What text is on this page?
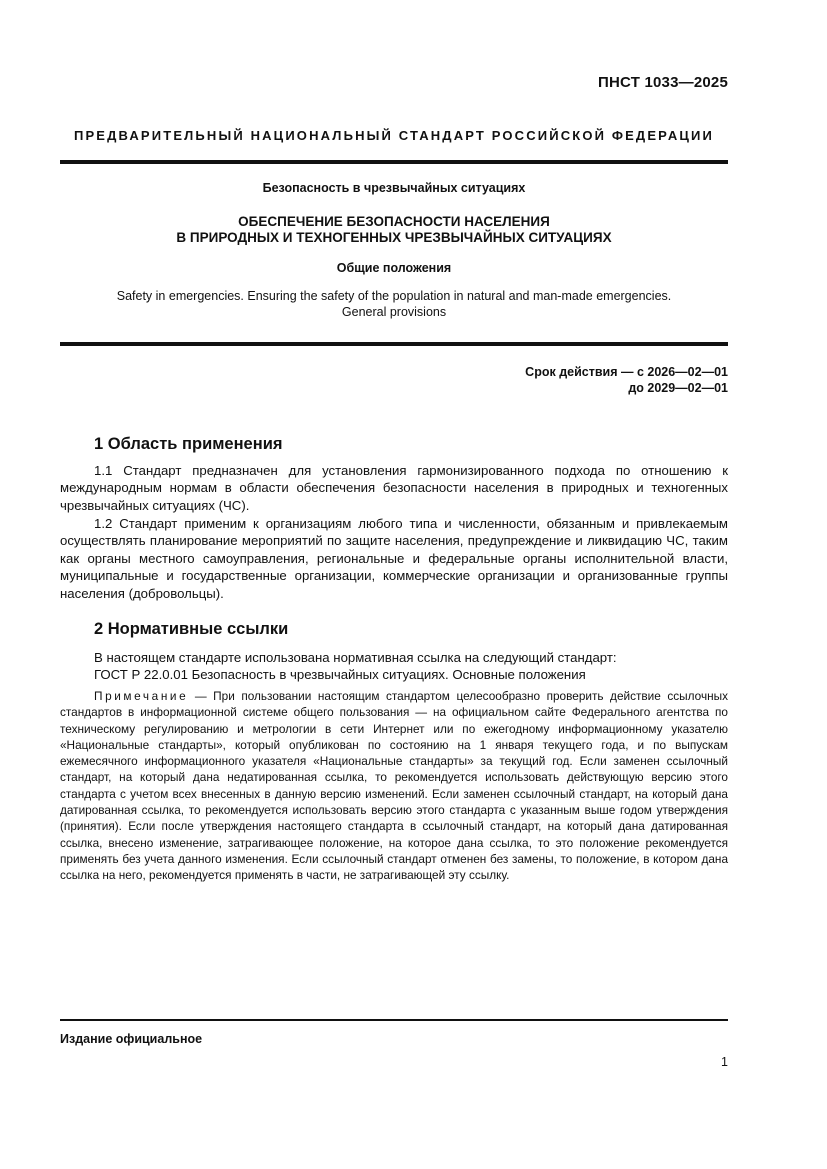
ПНСТ 1033—2025
ПРЕДВАРИТЕЛЬНЫЙ НАЦИОНАЛЬНЫЙ СТАНДАРТ РОССИЙСКОЙ ФЕДЕРАЦИИ
Безопасность в чрезвычайных ситуациях
ОБЕСПЕЧЕНИЕ БЕЗОПАСНОСТИ НАСЕЛЕНИЯ
В ПРИРОДНЫХ И ТЕХНОГЕННЫХ ЧРЕЗВЫЧАЙНЫХ СИТУАЦИЯХ
Общие положения
Safety in emergencies. Ensuring the safety of the population in natural and man-made emergencies.
General provisions
Срок действия — с 2026—02—01
до 2029—02—01
1 Область применения
1.1 Стандарт предназначен для установления гармонизированного подхода по отношению к международным нормам в области обеспечения безопасности населения в природных и техногенных чрезвычайных ситуациях (ЧС).
1.2 Стандарт применим к организациям любого типа и численности, обязанным и привлекаемым осуществлять планирование мероприятий по защите населения, предупреждение и ликвидацию ЧС, таким как органы местного самоуправления, региональные и федеральные органы исполнительной власти, муниципальные и государственные организации, коммерческие организации и организованные группы населения (добровольцы).
2 Нормативные ссылки
В настоящем стандарте использована нормативная ссылка на следующий стандарт:
ГОСТ Р 22.0.01 Безопасность в чрезвычайных ситуациях. Основные положения
Примечание — При пользовании настоящим стандартом целесообразно проверить действие ссылочных стандартов в информационной системе общего пользования — на официальном сайте Федерального агентства по техническому регулированию и метрологии в сети Интернет или по ежегодному информационному указателю «Национальные стандарты», который опубликован по состоянию на 1 января текущего года, и по выпускам ежемесячного информационного указателя «Национальные стандарты» за текущий год. Если заменен ссылочный стандарт, на который дана недатированная ссылка, то рекомендуется использовать действующую версию этого стандарта с учетом всех внесенных в данную версию изменений. Если заменен ссылочный стандарт, на который дана датированная ссылка, то рекомендуется использовать версию этого стандарта с указанным выше годом утверждения (принятия). Если после утверждения настоящего стандарта в ссылочный стандарт, на который дана датированная ссылка, внесено изменение, затрагивающее положение, на которое дана ссылка, то это положение рекомендуется применять без учета данного изменения. Если ссылочный стандарт отменен без замены, то положение, в котором дана ссылка на него, рекомендуется применять в части, не затрагивающей эту ссылку.
Издание официальное
1
